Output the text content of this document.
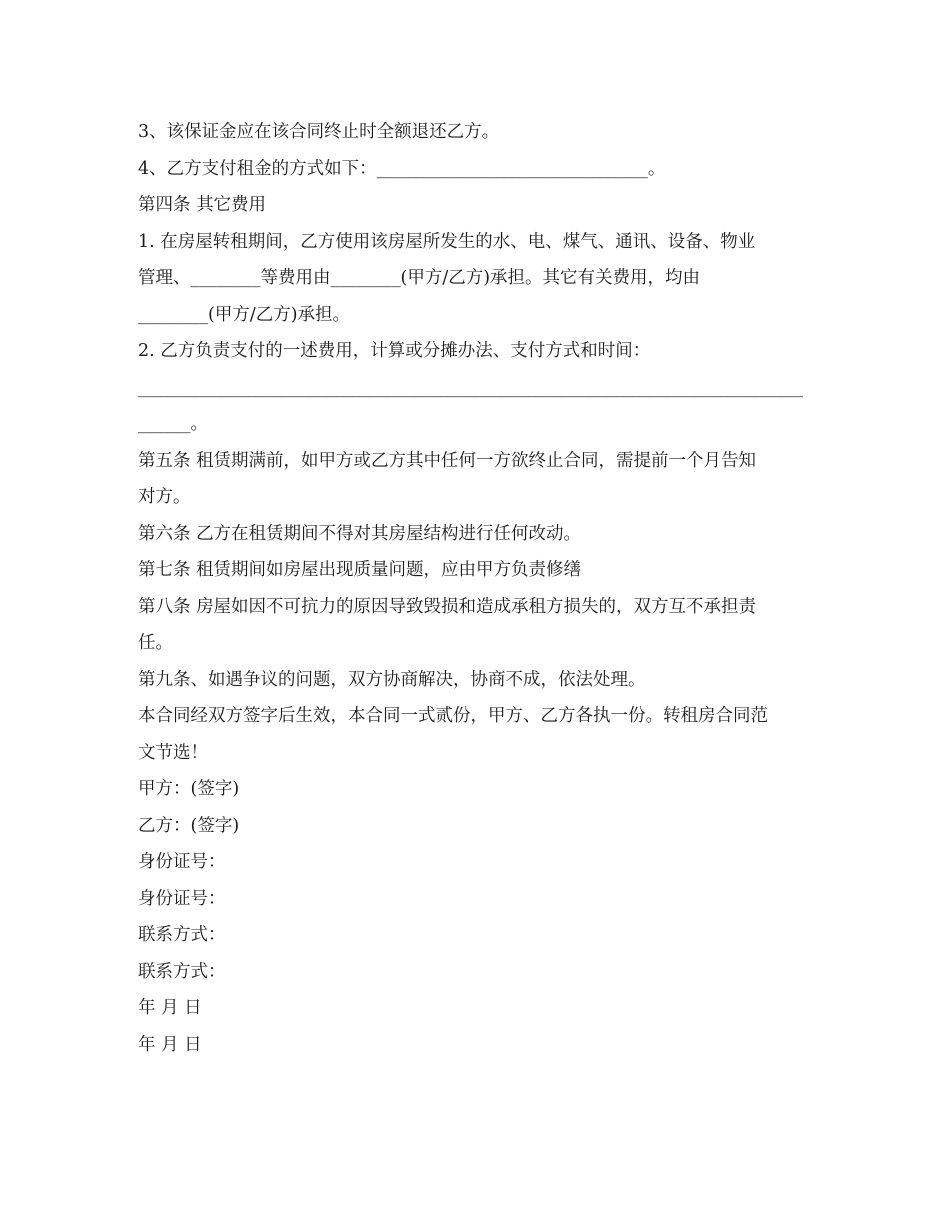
3、该保证金应在该合同终止时全额退还乙方。
4、乙方支付租金的方式如下：_______________________________。
第四条 其它费用
1. 在房屋转租期间，乙方使用该房屋所发生的水、电、煤气、通讯、设备、物业
管理、________等费用由________(甲方/乙方)承担。其它有关费用，均由
________(甲方/乙方)承担。
2. 乙方负责支付的一述费用，计算或分摊办法、支付方式和时间：
____________________________________________________________________________
______。
第五条 租赁期满前，如甲方或乙方其中任何一方欲终止合同，需提前一个月告知
对方。
第六条 乙方在租赁期间不得对其房屋结构进行任何改动。
第七条 租赁期间如房屋出现质量问题，应由甲方负责修缮
第八条 房屋如因不可抗力的原因导致毁损和造成承租方损失的，双方互不承担责
任。
第九条、如遇争议的问题，双方协商解决，协商不成，依法处理。
本合同经双方签字后生效，本合同一式贰份，甲方、乙方各执一份。转租房合同范
文节选！
甲方：(签字)
乙方：(签字)
身份证号：
身份证号：
联系方式：
联系方式：
年 月 日
年 月 日
